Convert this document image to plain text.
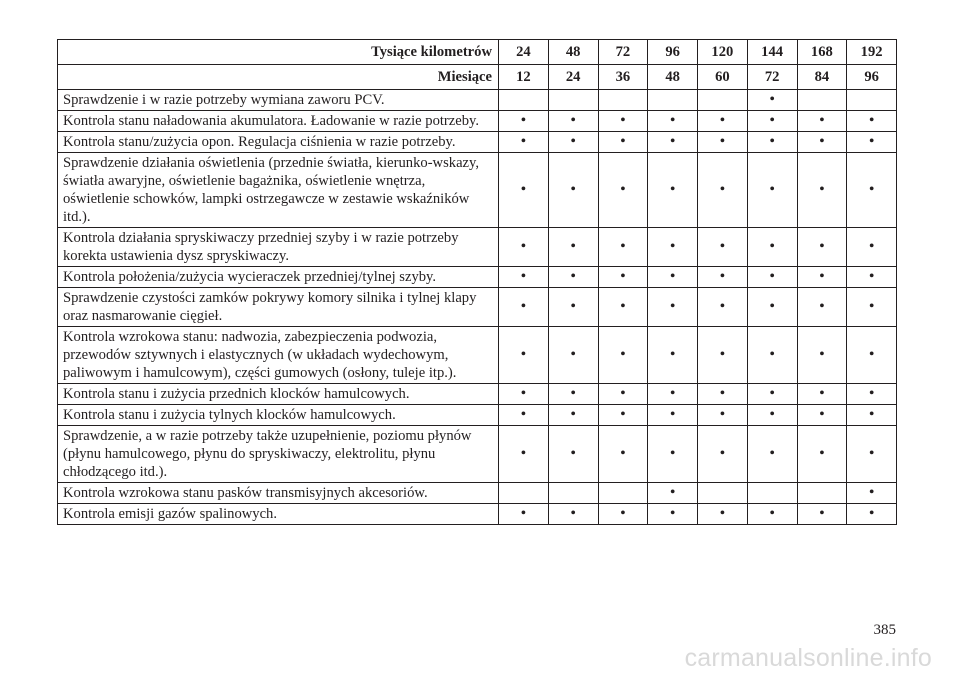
Tysiące kilometrów	24	48	72	96	120	144	168	192
Miesiące	12	24	36	48	60	72	84	96
Sprawdzenie i w razie potrzeby wymiana zaworu PCV.						•		
Kontrola stanu naładowania akumulatora. Ładowanie w razie potrzeby.	•	•	•	•	•	•	•	•
Kontrola stanu/zużycia opon. Regulacja ciśnienia w razie potrzeby.	•	•	•	•	•	•	•	•
Sprawdzenie działania oświetlenia (przednie światła, kierunko-wskazy, światła awaryjne, oświetlenie bagażnika, oświetlenie wnętrza, oświetlenie schowków, lampki ostrzegawcze w zestawie wskaźników itd.).	•	•	•	•	•	•	•	•
Kontrola działania spryskiwaczy przedniej szyby i w razie potrzeby korekta ustawienia dysz spryskiwaczy.	•	•	•	•	•	•	•	•
Kontrola położenia/zużycia wycieraczek przedniej/tylnej szyby.	•	•	•	•	•	•	•	•
Sprawdzenie czystości zamków pokrywy komory silnika i tylnej klapy oraz nasmarowanie cięgieł.	•	•	•	•	•	•	•	•
Kontrola wzrokowa stanu: nadwozia, zabezpieczenia podwozia, przewodów sztywnych i elastycznych (w układach wydechowym, paliwowym i hamulcowym), części gumowych (osłony, tuleje itp.).	•	•	•	•	•	•	•	•
Kontrola stanu i zużycia przednich klocków hamulcowych.	•	•	•	•	•	•	•	•
Kontrola stanu i zużycia tylnych klocków hamulcowych.	•	•	•	•	•	•	•	•
Sprawdzenie, a w razie potrzeby także uzupełnienie, poziomu płynów (płynu hamulcowego, płynu do spryskiwaczy, elektrolitu, płynu chłodzącego itd.).	•	•	•	•	•	•	•	•
Kontrola wzrokowa stanu pasków transmisyjnych akcesoriów.				•				•
Kontrola emisji gazów spalinowych.	•	•	•	•	•	•	•	•
385
carmanualsonline.info
